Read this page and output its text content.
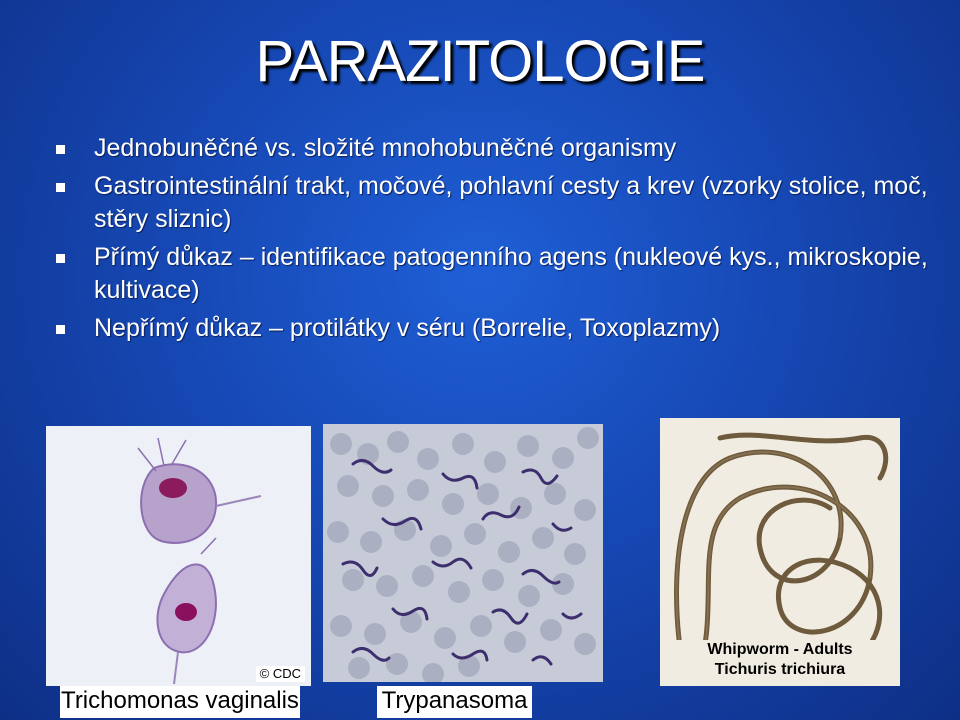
PARAZITOLOGIE
Jednobuněčné vs. složité mnohobuněčné organismy
Gastrointestinální trakt, močové, pohlavní cesty a krev (vzorky stolice, moč, stěry sliznic)
Přímý důkaz – identifikace patogenního agens (nukleové kys., mikroskopie, kultivace)
Nepřímý důkaz – protilátky v séru (Borrelie, Toxoplazmy)
© CDC
Whipworm - Adults
Tichuris trichiura
Trichomonas vaginalis	Trypanasoma
